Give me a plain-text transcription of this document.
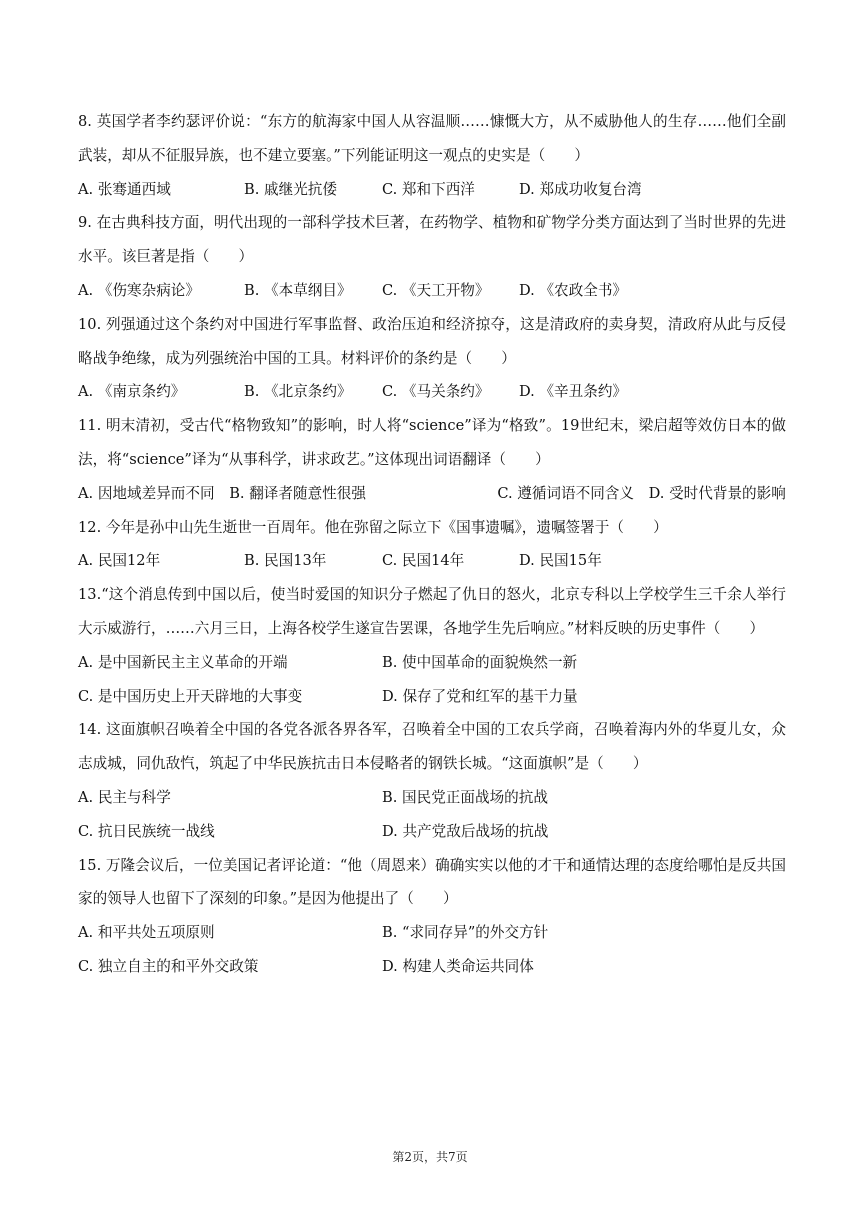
8. 英国学者李约瑟评价说：“东方的航海家中国人从容温顺……慷慨大方，从不威胁他人的生存……他们全副武装，却从不征服异族，也不建立要塞。”下列能证明这一观点的史实是（　　）

A. 张骞通西域	B. 戚继光抗倭	C. 郑和下西洋	D. 郑成功收复台湾

9. 在古典科技方面，明代出现的一部科学技术巨著，在药物学、植物和矿物学分类方面达到了当时世界的先进水平。该巨著是指（　　）

A. 《伤寒杂病论》	B. 《本草纲目》	C. 《天工开物》	D. 《农政全书》

10. 列强通过这个条约对中国进行军事监督、政治压迫和经济掠夺，这是清政府的卖身契，清政府从此与反侵略战争绝缘，成为列强统治中国的工具。材料评价的条约是（　　）

A. 《南京条约》	B. 《北京条约》	C. 《马关条约》	D. 《辛丑条约》

11. 明末清初，受古代“格物致知”的影响，时人将“science”译为“格致”。19世纪末，梁启超等效仿日本的做法，将“science”译为“从事科学，讲求政艺。”这体现出词语翻译（　　）

A. 因地域差异而不同　 B. 翻译者随意性很强　　　　　　　　　	C. 遵循词语不同含义　 D. 受时代背景的影响

12. 今年是孙中山先生逝世一百周年。他在弥留之际立下《国事遗嘱》，遗嘱签署于（　　）

A. 民国12年	B. 民国13年	C. 民国14年	D. 民国15年

13.“这个消息传到中国以后，使当时爱国的知识分子燃起了仇日的怒火，北京专科以上学校学生三千余人举行大示威游行，……六月三日，上海各校学生遂宣告罢课，各地学生先后响应。”材料反映的历史事件（　　）

A. 是中国新民主主义革命的开端	B. 使中国革命的面貌焕然一新
C. 是中国历史上开天辟地的大事变	D. 保存了党和红军的基干力量

14. 这面旗帜召唤着全中国的各党各派各界各军，召唤着全中国的工农兵学商，召唤着海内外的华夏儿女，众志成城，同仇敌忾，筑起了中华民族抗击日本侵略者的钢铁长城。“这面旗帜”是（　　）

A. 民主与科学	B. 国民党正面战场的抗战
C. 抗日民族统一战线	D. 共产党敌后战场的抗战

15. 万隆会议后，一位美国记者评论道：“他（周恩来）确确实实以他的才干和通情达理的态度给哪怕是反共国家的领导人也留下了深刻的印象。”是因为他提出了（　　）

A. 和平共处五项原则	B. “求同存异”的外交方针
C. 独立自主的和平外交政策	D. 构建人类命运共同体
第2页，共7页
